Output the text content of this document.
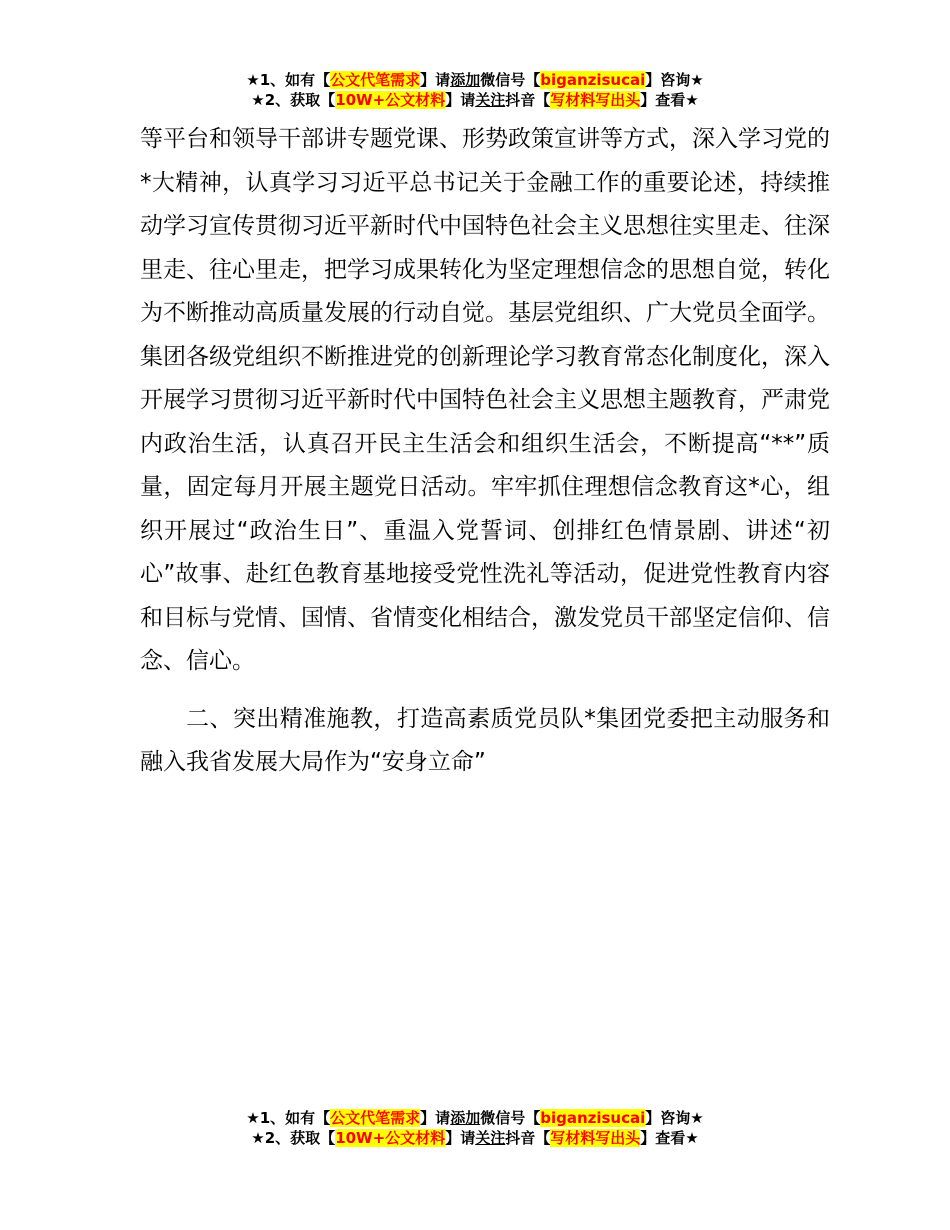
★1、如有【公文代笔需求】请添加微信号【biganzisucai】咨询★
★2、获取【10W+公文材料】请关注抖音【写材料写出头】查看★

等平台和领导干部讲专题党课、形势政策宣讲等方式，深入学习党的*大精神，认真学习习近平总书记关于金融工作的重要论述，持续推动学习宣传贯彻习近平新时代中国特色社会主义思想往实里走、往深里走、往心里走，把学习成果转化为坚定理想信念的思想自觉，转化为不断推动高质量发展的行动自觉。基层党组织、广大党员全面学。集团各级党组织不断推进党的创新理论学习教育常态化制度化，深入开展学习贯彻习近平新时代中国特色社会主义思想主题教育，严肃党内政治生活，认真召开民主生活会和组织生活会，不断提高“**”质量，固定每月开展主题党日活动。牢牢抓住理想信念教育这*心，组织开展过“政治生日”、重温入党誓词、创排红色情景剧、讲述“初心”故事、赴红色教育基地接受党性洗礼等活动，促进党性教育内容和目标与党情、国情、省情变化相结合，激发党员干部坚定信仰、信念、信心。

二、突出精准施教，打造高素质党员队*集团党委把主动服务和融入我省发展大局作为“安身立命”

★1、如有【公文代笔需求】请添加微信号【biganzisucai】咨询★
★2、获取【10W+公文材料】请关注抖音【写材料写出头】查看★
